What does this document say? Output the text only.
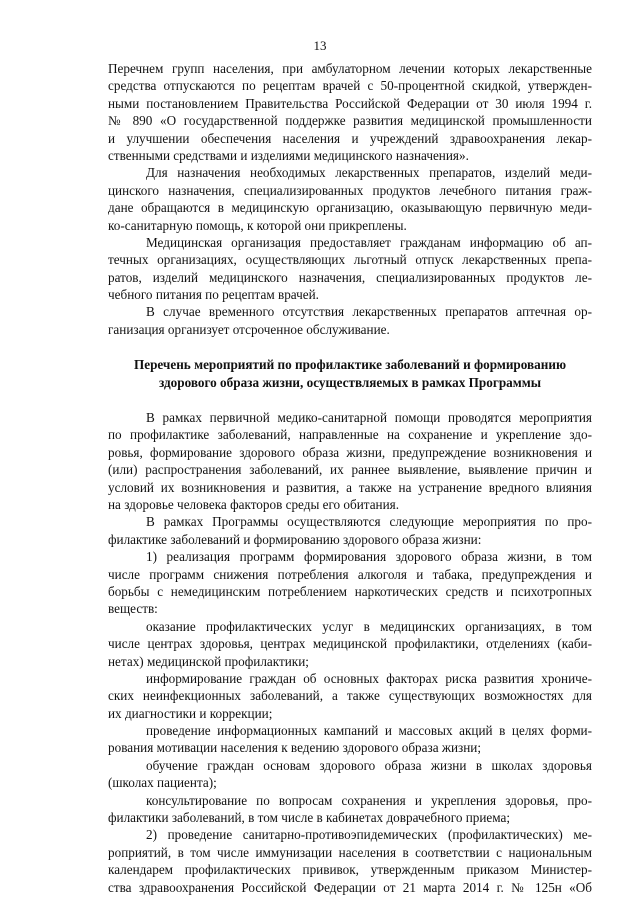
13
Перечнем групп населения, при амбулаторном лечении которых лекарственные
средства отпускаются по рецептам врачей с 50-процентной скидкой, утвержден-
ными постановлением Правительства Российской Федерации от 30 июля 1994 г.
№ 890 «О государственной поддержке развития медицинской промышленности
и улучшении обеспечения населения и учреждений здравоохранения лекар-
ственными средствами и изделиями медицинского назначения».
Для назначения необходимых лекарственных препаратов, изделий меди-
цинского назначения, специализированных продуктов лечебного питания граж-
дане обращаются в медицинскую организацию, оказывающую первичную меди-
ко-санитарную помощь, к которой они прикреплены.
Медицинская организация предоставляет гражданам информацию об ап-
течных организациях, осуществляющих льготный отпуск лекарственных препа-
ратов, изделий медицинского назначения, специализированных продуктов ле-
чебного питания по рецептам врачей.
В случае временного отсутствия лекарственных препаратов аптечная ор-
ганизация организует отсроченное обслуживание.
Перечень мероприятий по профилактике заболеваний и формированию
здорового образа жизни, осуществляемых в рамках Программы
В рамках первичной медико-санитарной помощи проводятся мероприятия
по профилактике заболеваний, направленные на сохранение и укрепление здо-
ровья, формирование здорового образа жизни, предупреждение возникновения и
(или) распространения заболеваний, их раннее выявление, выявление причин и
условий их возникновения и развития, а также на устранение вредного влияния
на здоровье человека факторов среды его обитания.
В рамках Программы осуществляются следующие мероприятия по про-
филактике заболеваний и формированию здорового образа жизни:
1) реализация программ формирования здорового образа жизни, в том
числе программ снижения потребления алкоголя и табака, предупреждения и
борьбы с немедицинским потреблением наркотических средств и психотропных
веществ:
оказание профилактических услуг в медицинских организациях, в том
числе центрах здоровья, центрах медицинской профилактики, отделениях (каби-
нетах) медицинской профилактики;
информирование граждан об основных факторах риска развития хрониче-
ских неинфекционных заболеваний, а также существующих возможностях для
их диагностики и коррекции;
проведение информационных кампаний и массовых акций в целях форми-
рования мотивации населения к ведению здорового образа жизни;
обучение граждан основам здорового образа жизни в школах здоровья
(школах пациента);
консультирование по вопросам сохранения и укрепления здоровья, про-
филактики заболеваний, в том числе в кабинетах доврачебного приема;
2) проведение санитарно-противоэпидемических (профилактических) ме-
роприятий, в том числе иммунизации населения в соответствии с национальным
календарем профилактических прививок, утвержденным приказом Министер-
ства здравоохранения Российской Федерации от 21 марта 2014 г. № 125н «Об
